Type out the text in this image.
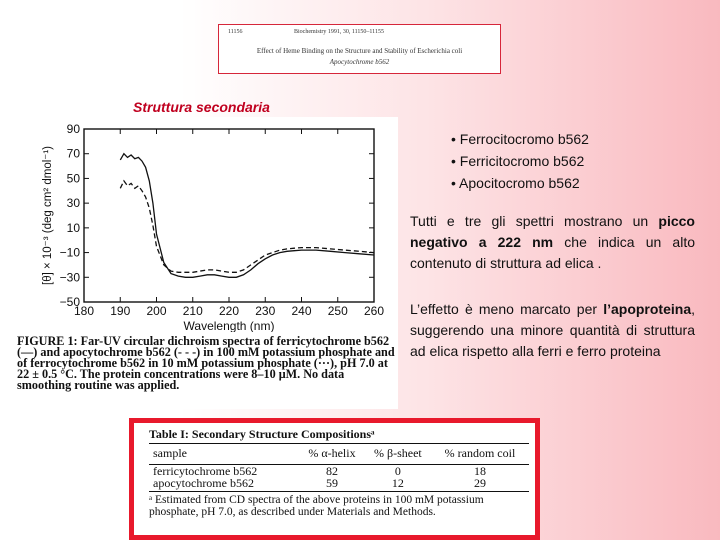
11156	Biochemistry 1991, 30, 11150–11155
Effect of Heme Binding on the Structure and Stability of Escherichia coli
Apocytochrome b562
Struttura secondaria
180 190 200 210 220 230 240 250 260
90
70
50
30
10
−10
−30
−50
Wavelength (nm)
[θ] × 10⁻³ (deg cm² dmol⁻¹)
FIGURE 1: Far-UV circular dichroism spectra of ferricytochrome b562 (—) and apocytochrome b562 (- - -) in 100 mM potassium phosphate and of ferrocytochrome b562 in 10 mM potassium phosphate (···), pH 7.0 at 22 ± 0.5 °C. The protein concentrations were 8–10 μM. No data smoothing routine was applied.
• Ferrocitocromo b562
• Ferricitocromo b562
• Apocitocromo b562
Tutti e tre gli spettri mostrano un picco negativo a 222 nm che indica un alto contenuto di struttura ad elica .
L’effetto è meno marcato per l’apoproteina, suggerendo una minore quantità di struttura ad elica rispetto alla ferri e ferro proteina
Table I: Secondary Structure Compositionsᵃ
sample	% α-helix	% β-sheet	% random coil

ferricytochrome b562	82	0	18
apocytochrome b562	59	12	29

ᵃ Estimated from CD spectra of the above proteins in 100 mM potassium phosphate, pH 7.0, as described under Materials and Methods.
